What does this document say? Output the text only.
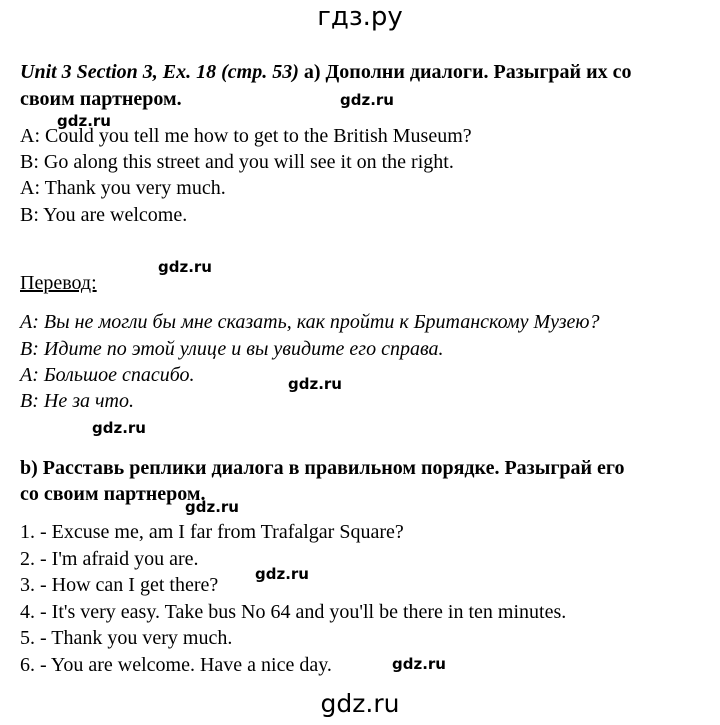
гдз.ру
Unit 3 Section 3, Ex. 18 (стр. 53) a) Дополни диалоги. Разыграй их со
своим партнером.
A: Could you tell me how to get to the British Museum?
B: Go along this street and you will see it on the right.
A: Thank you very much.
B: You are welcome.
Перевод:
A: Вы не могли бы мне сказать, как пройти к Британскому Музею?
B: Идите по этой улице и вы увидите его справа.
A: Большое спасибо.
B: Не за что.
b) Расставь реплики диалога в правильном порядке. Разыграй его
со своим партнером.
1. - Excuse me, am I far from Trafalgar Square?
2. - I'm afraid you are.
3. - How can I get there?
4. - It's very easy. Take bus No 64 and you'll be there in ten minutes.
5. - Thank you very much.
6. - You are welcome. Have a nice day.
gdz.ru
gdz.ru
gdz.ru
gdz.ru
gdz.ru
gdz.ru
gdz.ru
gdz.ru
gdz.ru
